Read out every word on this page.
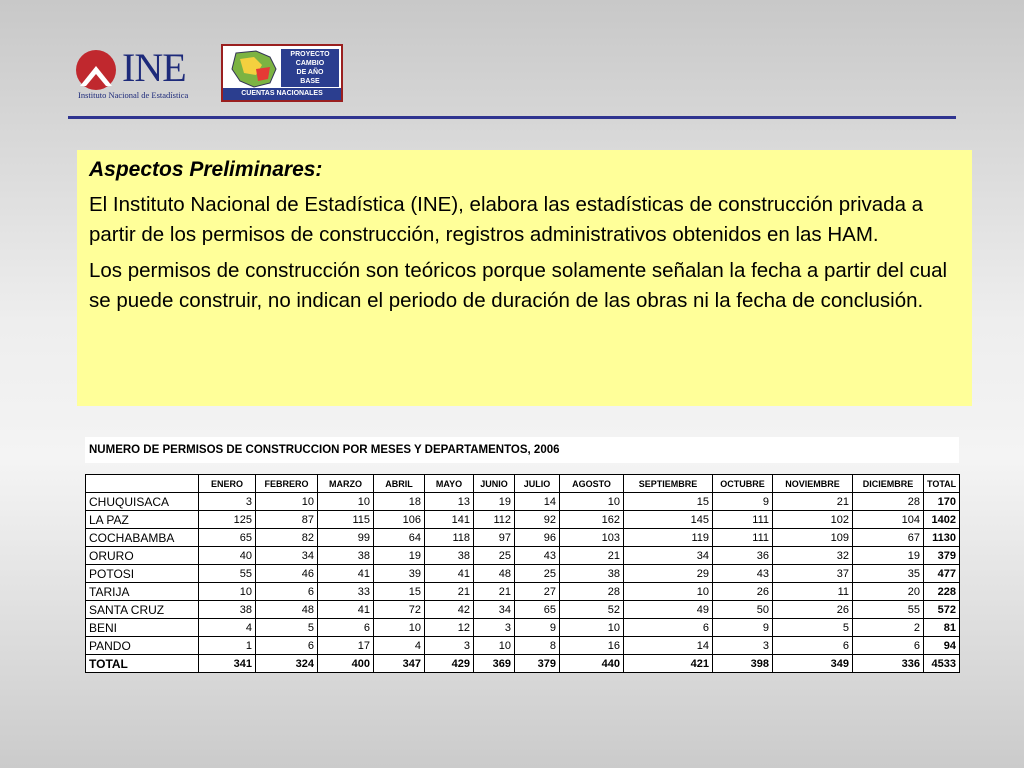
INE
Instituto Nacional de Estadística
PROYECTO
CAMBIO
DE AÑO
BASE
CUENTAS NACIONALES
Aspectos Preliminares:

El Instituto Nacional de Estadística (INE), elabora las estadísticas de construcción privada a partir de los permisos de construcción, registros administrativos obtenidos en las HAM.

Los permisos de construcción son teóricos porque solamente señalan la fecha a partir del cual se puede construir, no indican el periodo de duración de las obras ni la fecha de conclusión.

NUMERO DE PERMISOS DE CONSTRUCCION POR MESES Y DEPARTAMENTOS, 2006
	ENERO	FEBRERO	MARZO	ABRIL	MAYO	JUNIO	JULIO	AGOSTO	SEPTIEMBRE	OCTUBRE	NOVIEMBRE	DICIEMBRE	TOTAL
CHUQUISACA	3	10	10	18	13	19	14	10	15	9	21	28	170
LA PAZ	125	87	115	106	141	112	92	162	145	111	102	104	1402
COCHABAMBA	65	82	99	64	118	97	96	103	119	111	109	67	1130
ORURO	40	34	38	19	38	25	43	21	34	36	32	19	379
POTOSI	55	46	41	39	41	48	25	38	29	43	37	35	477
TARIJA	10	6	33	15	21	21	27	28	10	26	11	20	228
SANTA CRUZ	38	48	41	72	42	34	65	52	49	50	26	55	572
BENI	4	5	6	10	12	3	9	10	6	9	5	2	81
PANDO	1	6	17	4	3	10	8	16	14	3	6	6	94
TOTAL	341	324	400	347	429	369	379	440	421	398	349	336	4533
